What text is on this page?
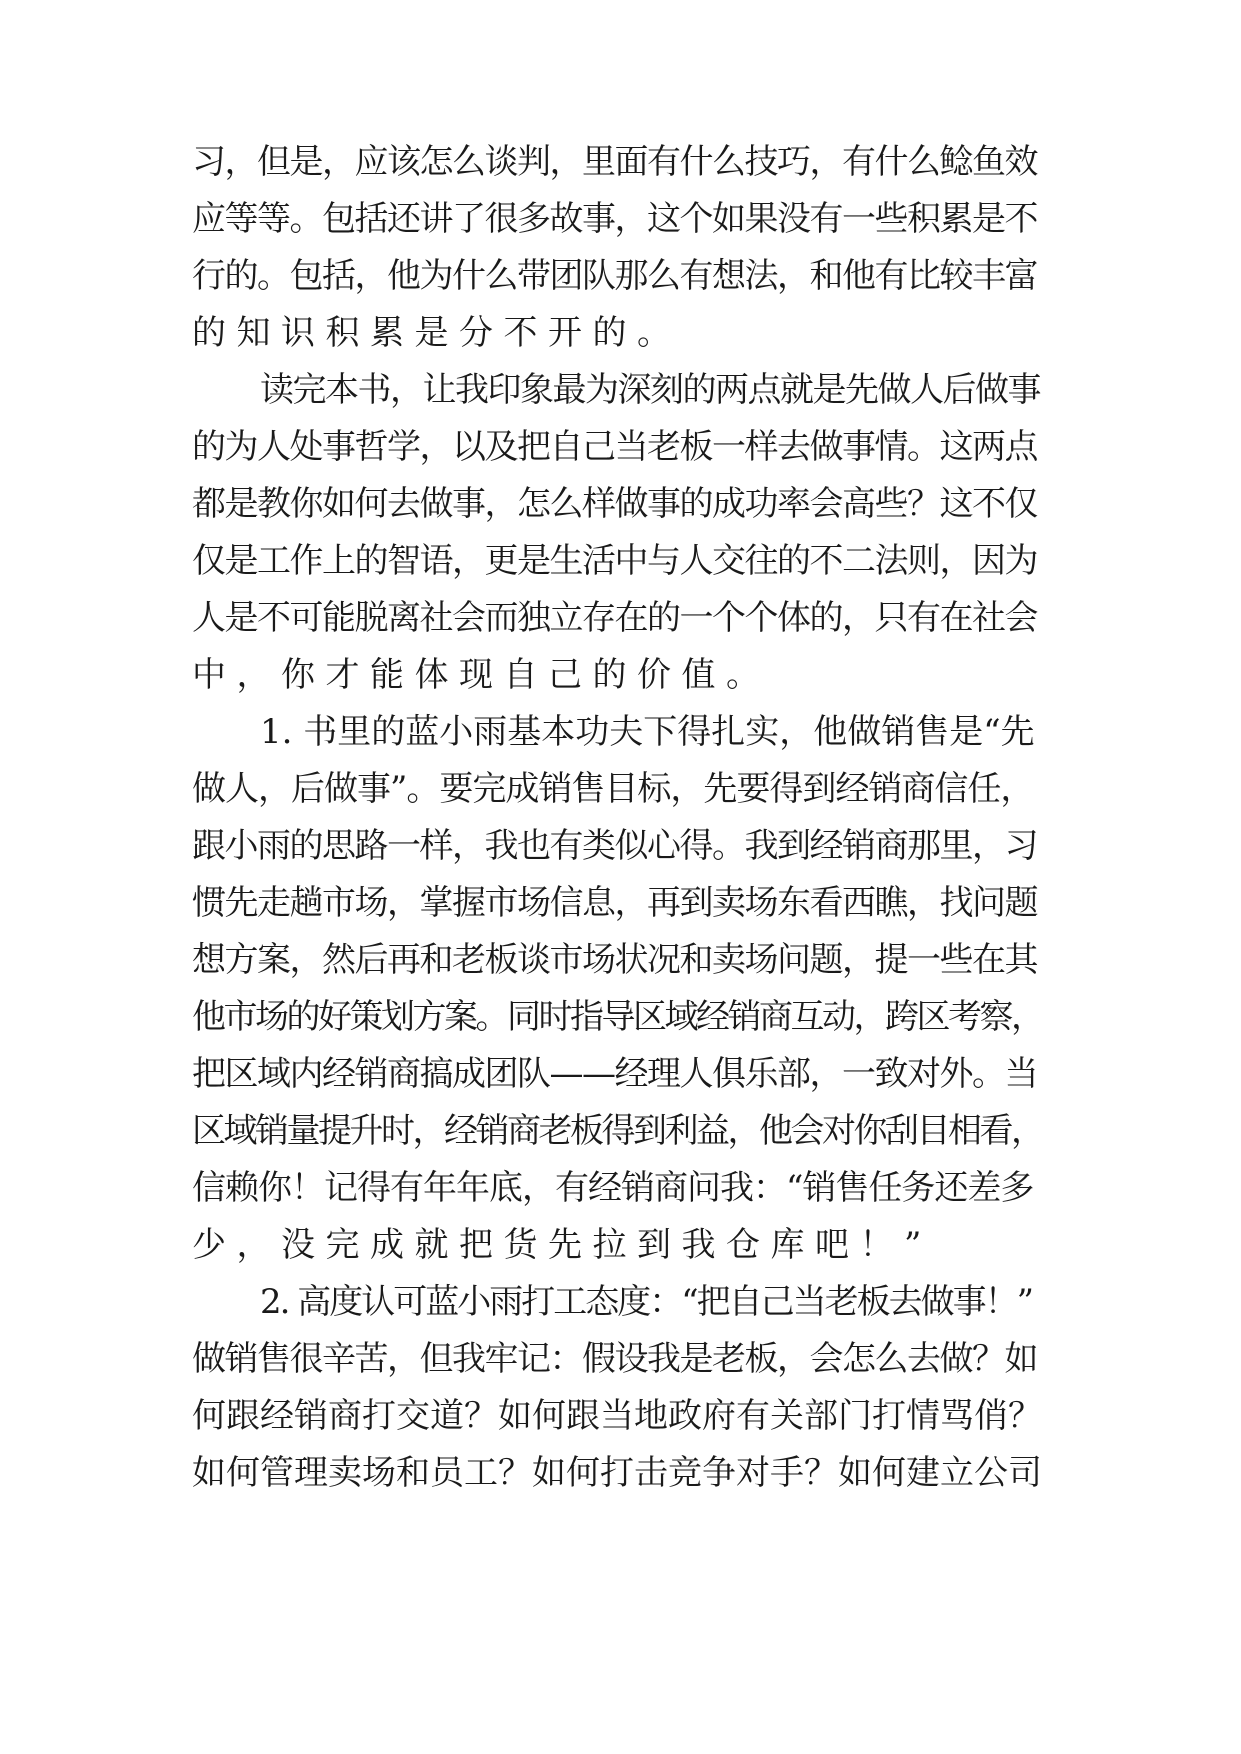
习，但是，应该怎么谈判，里面有什么技巧，有什么鲶鱼效
应等等。包括还讲了很多故事，这个如果没有一些积累是不
行的。包括，他为什么带团队那么有想法，和他有比较丰富
的知识积累是分不开的。
读完本书，让我印象最为深刻的两点就是先做人后做事
的为人处事哲学，以及把自己当老板一样去做事情。这两点
都是教你如何去做事，怎么样做事的成功率会高些？这不仅
仅是工作上的智语，更是生活中与人交往的不二法则，因为
人是不可能脱离社会而独立存在的一个个体的，只有在社会
中，你才能体现自己的价值。
1. 书里的蓝小雨基本功夫下得扎实，他做销售是“先
做人，后做事”。要完成销售目标，先要得到经销商信任，
跟小雨的思路一样，我也有类似心得。我到经销商那里，习
惯先走趟市场，掌握市场信息，再到卖场东看西瞧，找问题
想方案，然后再和老板谈市场状况和卖场问题，提一些在其
他市场的好策划方案。同时指导区域经销商互动，跨区考察，
把区域内经销商搞成团队——经理人俱乐部，一致对外。当
区域销量提升时，经销商老板得到利益，他会对你刮目相看，
信赖你！记得有年年底，有经销商问我：“销售任务还差多
少，没完成就把货先拉到我仓库吧！”
2. 高度认可蓝小雨打工态度：“把自己当老板去做事！”
做销售很辛苦，但我牢记：假设我是老板，会怎么去做？如
何跟经销商打交道？如何跟当地政府有关部门打情骂俏？
如何管理卖场和员工？如何打击竞争对手？如何建立公司
